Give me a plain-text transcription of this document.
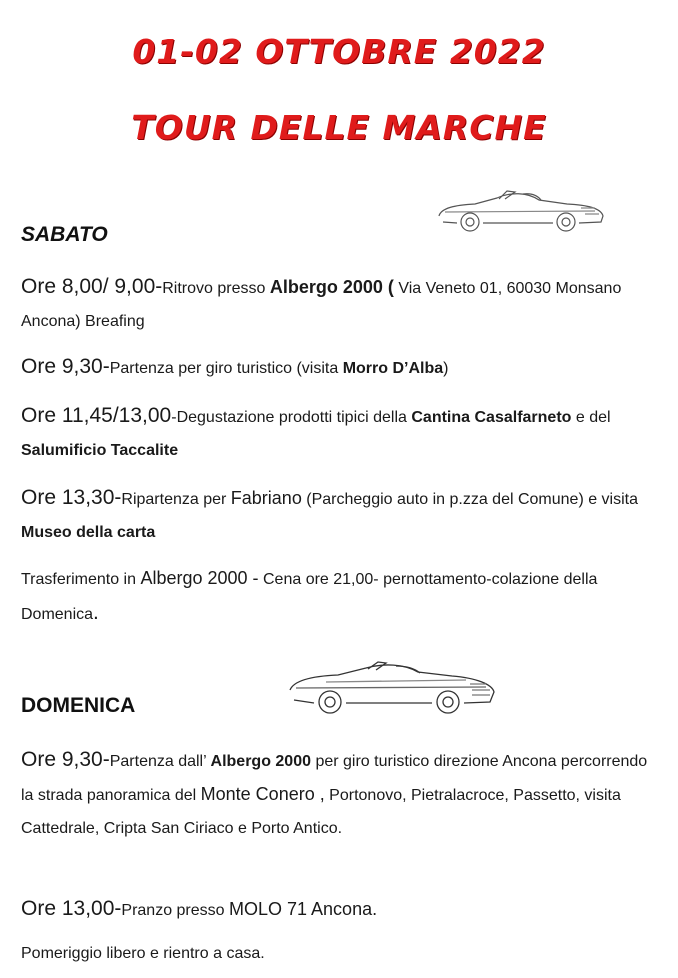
01-02 OTTOBRE 2022
TOUR DELLE MARCHE
SABATO
Ore 8,00/ 9,00-Ritrovo presso Albergo 2000 ( Via Veneto 01, 60030 Monsano Ancona) Breafing
Ore 9,30-Partenza per giro turistico (visita Morro D’Alba)
Ore 11,45/13,00-Degustazione prodotti tipici della Cantina Casalfarneto e del Salumificio Taccalite
Ore 13,30-Ripartenza per Fabriano (Parcheggio auto in p.zza del Comune) e visita Museo della carta
Trasferimento in Albergo 2000 - Cena ore 21,00- pernottamento-colazione della Domenica.
DOMENICA
Ore 9,30-Partenza dall’ Albergo 2000 per giro turistico direzione Ancona percorrendo la strada panoramica del Monte Conero , Portonovo, Pietralacroce, Passetto, visita Cattedrale, Cripta San Ciriaco e Porto Antico.
Ore 13,00-Pranzo presso MOLO 71 Ancona.
Pomeriggio libero e rientro a casa.
